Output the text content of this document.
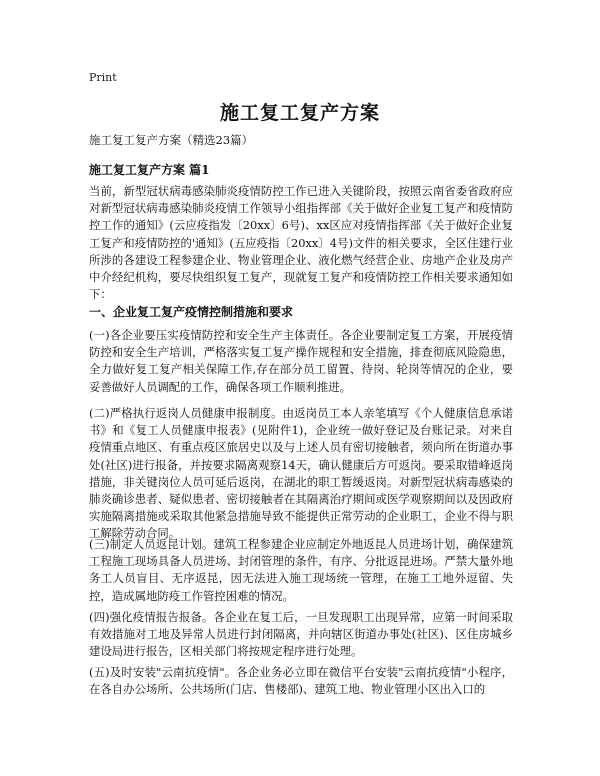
Print
施工复工复产方案
施工复工复产方案（精选23篇）
施工复工复产方案 篇1

当前，新型冠状病毒感染肺炎疫情防控工作已进入关键阶段，按照云南省委省政府应对新型冠状病毒感染肺炎疫情工作领导小组指挥部《关于做好企业复工复产和疫情防控工作的通知》(云应疫指发〔20xx〕6号)、xx区应对疫情指挥部《关于做好企业复工复产和疫情防控的'通知》(五应疫指〔20xx〕4号)文件的相关要求，全区住建行业所涉的各建设工程参建企业、物业管理企业、液化燃气经营企业、房地产企业及房产中介经纪机构，要尽快组织复工复产，现就复工复产和疫情防控工作相关要求通知如下：

一、企业复工复产疫情控制措施和要求

(一)各企业要压实疫情防控和安全生产主体责任。各企业要制定复工方案，开展疫情防控和安全生产培训，严格落实复工复产操作规程和安全措施，排查彻底风险隐患，全力做好复工复产相关保障工作,存在部分员工留置、待岗、轮岗等情况的企业，要妥善做好人员调配的工作，确保各项工作顺利推进。

(二)严格执行返岗人员健康申报制度。由返岗员工本人亲笔填写《个人健康信息承诺书》和《复工人员健康申报表》(见附件1)，企业统一做好登记及台账记录。对来自疫情重点地区、有重点疫区旅居史以及与上述人员有密切接触者，须向所在街道办事处(社区)进行报备，并按要求隔离观察14天，确认健康后方可返岗。要采取错峰返岗措施，非关键岗位人员可延后返岗，在湖北的职工暂缓返岗。对新型冠状病毒感染的肺炎确诊患者、疑似患者、密切接触者在其隔离治疗期间或医学观察期间以及因政府实施隔离措施或采取其他紧急措施导致不能提供正常劳动的企业职工，企业不得与职工解除劳动合同。

(三)制定人员返昆计划。建筑工程参建企业应制定外地返昆人员进场计划，确保建筑工程施工现场具备人员进场、封闭管理的条件，有序、分批返昆进场。严禁大量外地务工人员盲目、无序返昆，因无法进入施工现场统一管理，在施工工地外逗留、失控，造成属地防疫工作管控困难的情况。

(四)强化疫情报告报备。各企业在复工后，一旦发现职工出现异常，应第一时间采取有效措施对工地及异常人员进行封闭隔离，并向辖区街道办事处(社区)、区住房城乡建设局进行报告，区相关部门将按规定程序进行处理。

(五)及时安装"云南抗疫情"。各企业务必立即在微信平台安装"云南抗疫情"小程序，在各自办公场所、公共场所(门店、售楼部)、建筑工地、物业管理小区出入口的
